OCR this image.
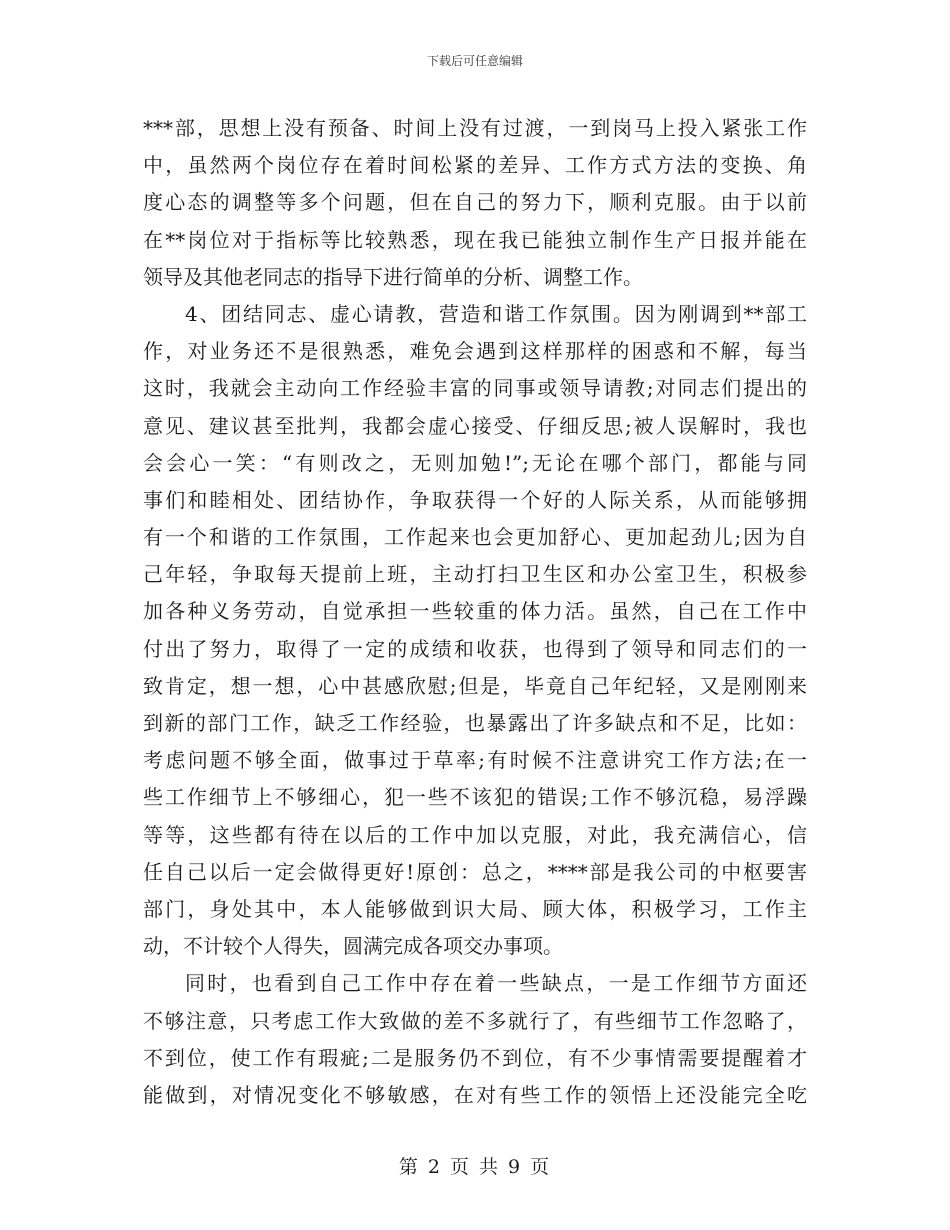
下载后可任意编辑
***部，思想上没有预备、时间上没有过渡，一到岗马上投入紧张工作
中，虽然两个岗位存在着时间松紧的差异、工作方式方法的变换、角
度心态的调整等多个问题，但在自己的努力下，顺利克服。由于以前
在**岗位对于指标等比较熟悉，现在我已能独立制作生产日报并能在
领导及其他老同志的指导下进行简单的分析、调整工作。
4、团结同志、虚心请教，营造和谐工作氛围。因为刚调到**部工
作，对业务还不是很熟悉，难免会遇到这样那样的困惑和不解，每当
这时，我就会主动向工作经验丰富的同事或领导请教;对同志们提出的
意见、建议甚至批判，我都会虚心接受、仔细反思;被人误解时，我也
会会心一笑：“有则改之，无则加勉!”;无论在哪个部门，都能与同
事们和睦相处、团结协作，争取获得一个好的人际关系，从而能够拥
有一个和谐的工作氛围，工作起来也会更加舒心、更加起劲儿;因为自
己年轻，争取每天提前上班，主动打扫卫生区和办公室卫生，积极参
加各种义务劳动，自觉承担一些较重的体力活。虽然，自己在工作中
付出了努力，取得了一定的成绩和收获，也得到了领导和同志们的一
致肯定，想一想，心中甚感欣慰;但是，毕竟自己年纪轻，又是刚刚来
到新的部门工作，缺乏工作经验，也暴露出了许多缺点和不足，比如：
考虑问题不够全面，做事过于草率;有时候不注意讲究工作方法;在一
些工作细节上不够细心，犯一些不该犯的错误;工作不够沉稳，易浮躁
等等，这些都有待在以后的工作中加以克服，对此，我充满信心，信
任自己以后一定会做得更好!原创：总之，****部是我公司的中枢要害
部门，身处其中，本人能够做到识大局、顾大体，积极学习，工作主
动，不计较个人得失，圆满完成各项交办事项。
同时，也看到自己工作中存在着一些缺点，一是工作细节方面还
不够注意，只考虑工作大致做的差不多就行了，有些细节工作忽略了，
不到位，使工作有瑕疵;二是服务仍不到位，有不少事情需要提醒着才
能做到，对情况变化不够敏感，在对有些工作的领悟上还没能完全吃
第 2 页 共 9 页
